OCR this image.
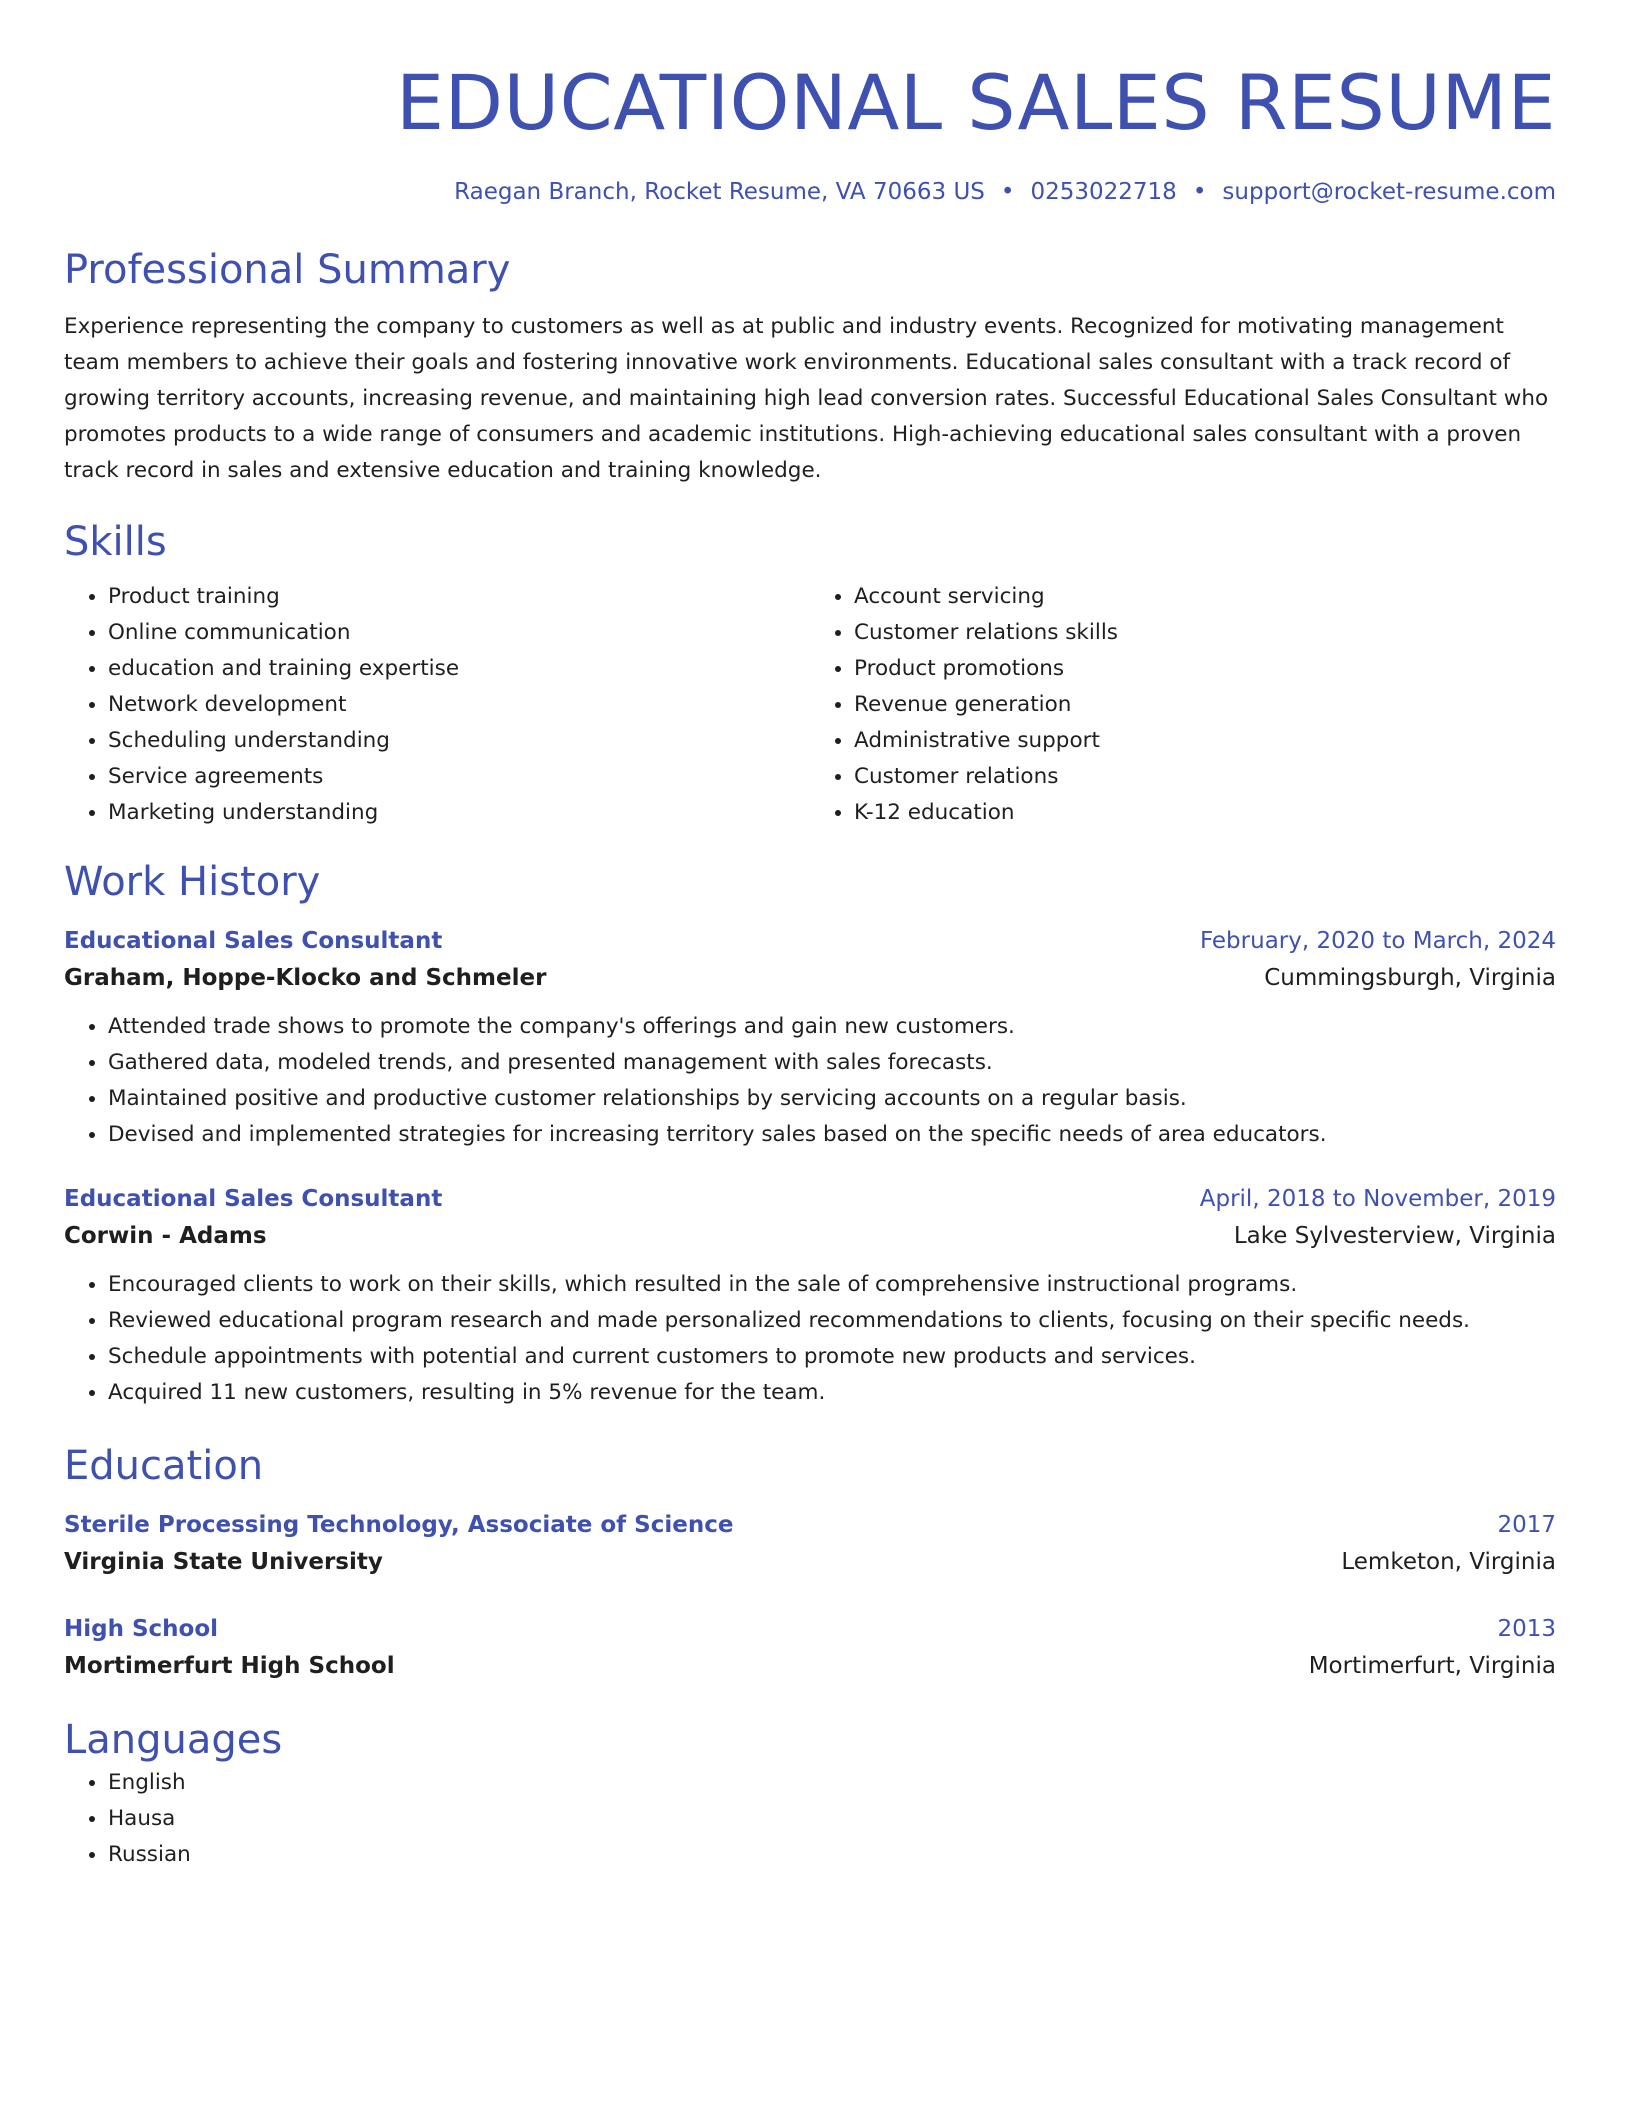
EDUCATIONAL SALES RESUME
Raegan Branch, Rocket Resume, VA 70663 US • 0253022718 • support@rocket-resume.com
Professional Summary
Experience representing the company to customers as well as at public and industry events. Recognized for motivating management team members to achieve their goals and fostering innovative work environments. Educational sales consultant with a track record of growing territory accounts, increasing revenue, and maintaining high lead conversion rates. Successful Educational Sales Consultant who promotes products to a wide range of consumers and academic institutions. High-achieving educational sales consultant with a proven track record in sales and extensive education and training knowledge.
Skills
• Product training
• Online communication
• education and training expertise
• Network development
• Scheduling understanding
• Service agreements
• Marketing understanding
• Account servicing
• Customer relations skills
• Product promotions
• Revenue generation
• Administrative support
• Customer relations
• K-12 education
Work History
Educational Sales Consultant	February, 2020 to March, 2024
Graham, Hoppe-Klocko and Schmeler	Cummingsburgh, Virginia
• Attended trade shows to promote the company's offerings and gain new customers.
• Gathered data, modeled trends, and presented management with sales forecasts.
• Maintained positive and productive customer relationships by servicing accounts on a regular basis.
• Devised and implemented strategies for increasing territory sales based on the specific needs of area educators.
Educational Sales Consultant	April, 2018 to November, 2019
Corwin - Adams	Lake Sylvesterview, Virginia
• Encouraged clients to work on their skills, which resulted in the sale of comprehensive instructional programs.
• Reviewed educational program research and made personalized recommendations to clients, focusing on their specific needs.
• Schedule appointments with potential and current customers to promote new products and services.
• Acquired 11 new customers, resulting in 5% revenue for the team.
Education
Sterile Processing Technology, Associate of Science	2017
Virginia State University	Lemketon, Virginia
High School	2013
Mortimerfurt High School	Mortimerfurt, Virginia
Languages
• English
• Hausa
• Russian
